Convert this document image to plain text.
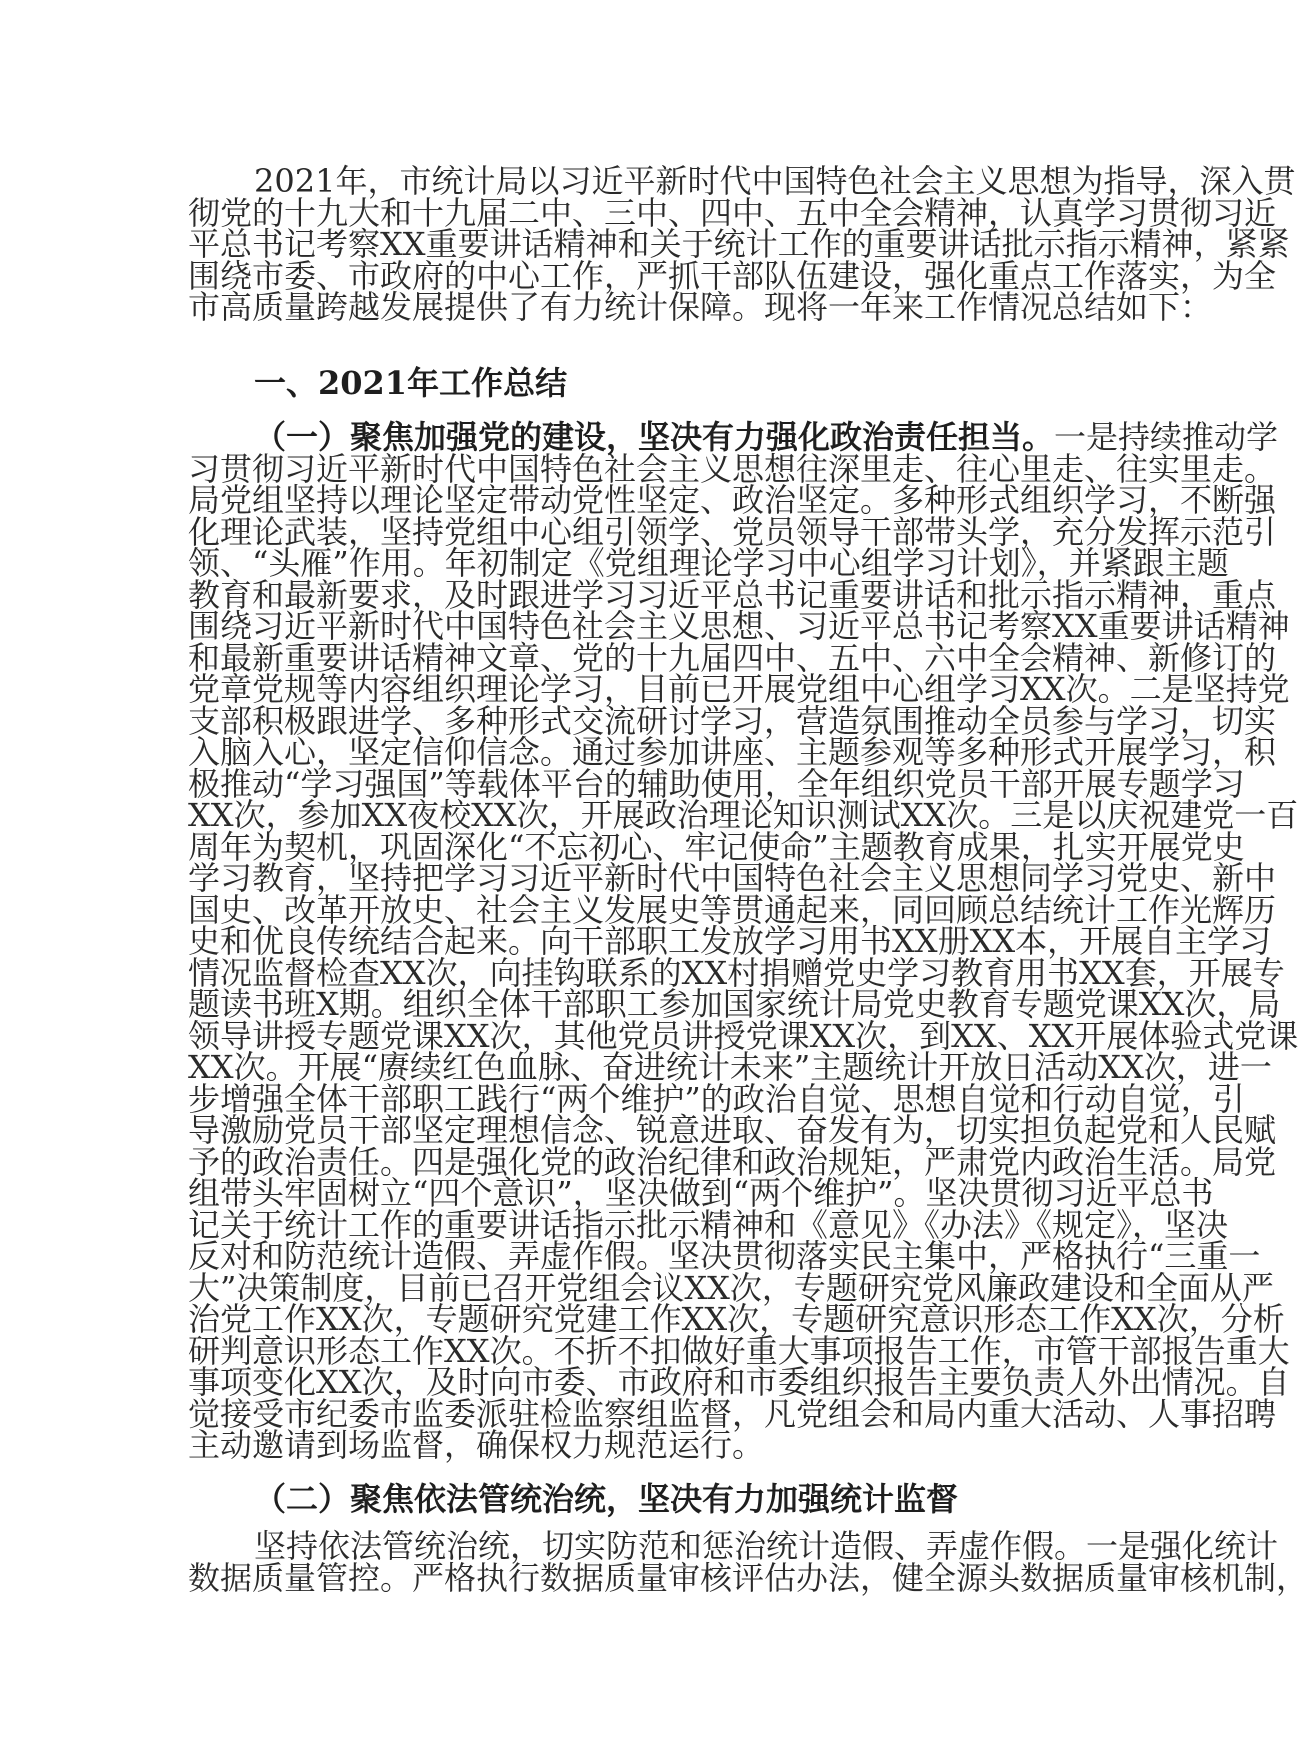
2021年，市统计局以习近平新时代中国特色社会主义思想为指导，深入贯
彻党的十九大和十九届二中、三中、四中、五中全会精神，认真学习贯彻习近
平总书记考察XX重要讲话精神和关于统计工作的重要讲话批示指示精神，紧紧
围绕市委、市政府的中心工作，严抓干部队伍建设，强化重点工作落实，为全
市高质量跨越发展提供了有力统计保障。现将一年来工作情况总结如下：
一、2021年工作总结
（一）聚焦加强党的建设，坚决有力强化政治责任担当。一是持续推动学
习贯彻习近平新时代中国特色社会主义思想往深里走、往心里走、往实里走。
局党组坚持以理论坚定带动党性坚定、政治坚定。多种形式组织学习，不断强
化理论武装，坚持党组中心组引领学、党员领导干部带头学，充分发挥示范引
领、“头雁”作用。年初制定《党组理论学习中心组学习计划》，并紧跟主题
教育和最新要求，及时跟进学习习近平总书记重要讲话和批示指示精神，重点
围绕习近平新时代中国特色社会主义思想、习近平总书记考察XX重要讲话精神
和最新重要讲话精神文章、党的十九届四中、五中、六中全会精神、新修订的
党章党规等内容组织理论学习，目前已开展党组中心组学习XX次。二是坚持党
支部积极跟进学、多种形式交流研讨学习，营造氛围推动全员参与学习，切实
入脑入心，坚定信仰信念。通过参加讲座、主题参观等多种形式开展学习，积
极推动“学习强国”等载体平台的辅助使用，全年组织党员干部开展专题学习
XX次，参加XX夜校XX次，开展政治理论知识测试XX次。三是以庆祝建党一百
周年为契机，巩固深化“不忘初心、牢记使命”主题教育成果，扎实开展党史
学习教育，坚持把学习习近平新时代中国特色社会主义思想同学习党史、新中
国史、改革开放史、社会主义发展史等贯通起来，同回顾总结统计工作光辉历
史和优良传统结合起来。向干部职工发放学习用书XX册XX本，开展自主学习
情况监督检查XX次，向挂钩联系的XX村捐赠党史学习教育用书XX套，开展专
题读书班X期。组织全体干部职工参加国家统计局党史教育专题党课XX次，局
领导讲授专题党课XX次，其他党员讲授党课XX次，到XX、XX开展体验式党课
XX次。开展“赓续红色血脉、奋进统计未来”主题统计开放日活动XX次，进一
步增强全体干部职工践行“两个维护”的政治自觉、思想自觉和行动自觉，引
导激励党员干部坚定理想信念、锐意进取、奋发有为，切实担负起党和人民赋
予的政治责任。四是强化党的政治纪律和政治规矩，严肃党内政治生活。局党
组带头牢固树立“四个意识”，坚决做到“两个维护”。坚决贯彻习近平总书
记关于统计工作的重要讲话指示批示精神和《意见》《办法》《规定》，坚决
反对和防范统计造假、弄虚作假。坚决贯彻落实民主集中，严格执行“三重一
大”决策制度，目前已召开党组会议XX次，专题研究党风廉政建设和全面从严
治党工作XX次，专题研究党建工作XX次，专题研究意识形态工作XX次，分析
研判意识形态工作XX次。不折不扣做好重大事项报告工作，市管干部报告重大
事项变化XX次，及时向市委、市政府和市委组织报告主要负责人外出情况。自
觉接受市纪委市监委派驻检监察组监督，凡党组会和局内重大活动、人事招聘
主动邀请到场监督，确保权力规范运行。
（二）聚焦依法管统治统，坚决有力加强统计监督
坚持依法管统治统，切实防范和惩治统计造假、弄虚作假。一是强化统计
数据质量管控。严格执行数据质量审核评估办法，健全源头数据质量审核机制，
